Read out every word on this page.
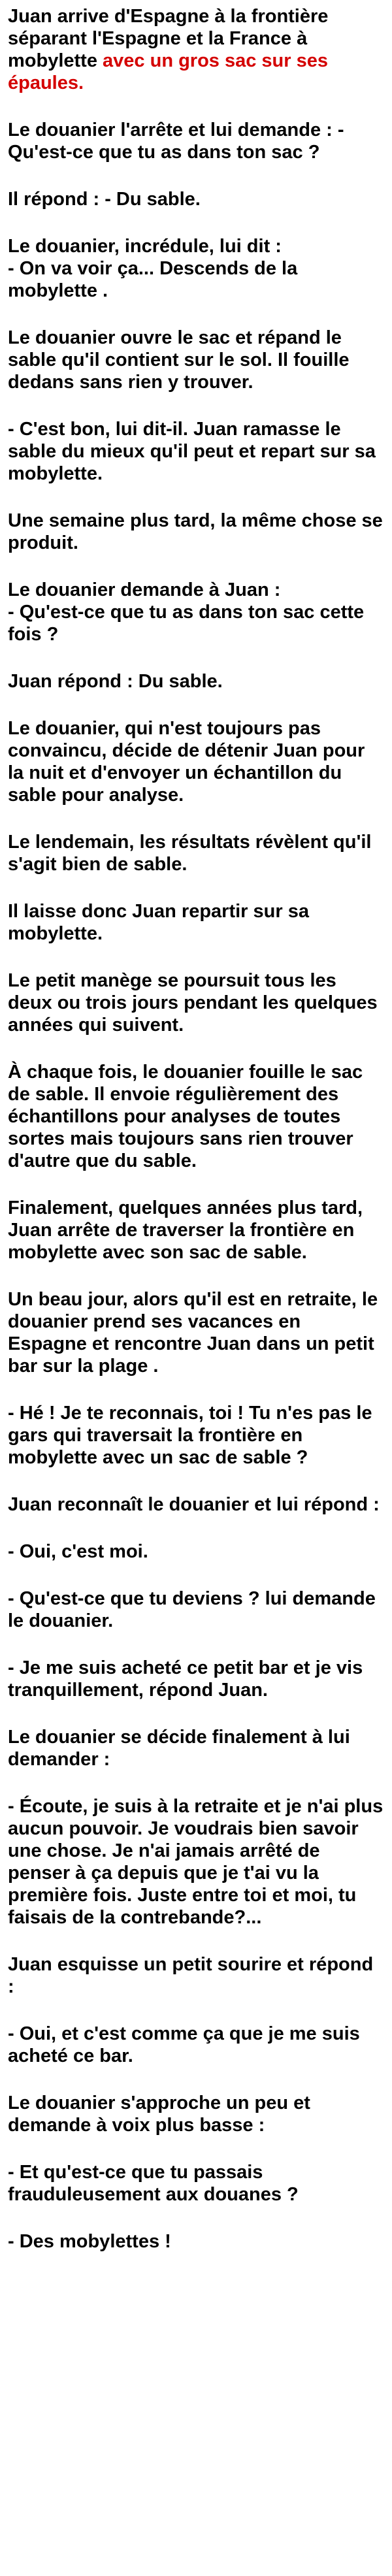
Juan arrive d'Espagne à la frontière séparant l'Espagne et la France à mobylette avec un gros sac sur ses épaules.

Le douanier l'arrête et lui demande : - Qu'est-ce que tu as dans ton sac ?

Il répond : - Du sable.

Le douanier, incrédule, lui dit :
- On va voir ça... Descends de la mobylette .

Le douanier ouvre le sac et répand le sable qu'il contient sur le sol. Il fouille dedans sans rien y trouver.

- C'est bon, lui dit-il. Juan ramasse le sable du mieux qu'il peut et repart sur sa mobylette.

Une semaine plus tard, la même chose se produit.

Le douanier demande à Juan :
- Qu'est-ce que tu as dans ton sac cette fois ?

Juan répond : Du sable.

Le douanier, qui n'est toujours pas convaincu, décide de détenir Juan pour la nuit et d'envoyer un échantillon du sable pour analyse.

Le lendemain, les résultats révèlent qu'il s'agit bien de sable.

Il laisse donc Juan repartir sur sa mobylette.

Le petit manège se poursuit tous les deux ou trois jours pendant les quelques années qui suivent.

À chaque fois, le douanier fouille le sac de sable. Il envoie régulièrement des échantillons pour analyses de toutes sortes mais toujours sans rien trouver d'autre que du sable.

Finalement, quelques années plus tard, Juan arrête de traverser la frontière en mobylette avec son sac de sable.

Un beau jour, alors qu'il est en retraite, le douanier prend ses vacances en Espagne et rencontre Juan dans un petit bar sur la plage .

- Hé ! Je te reconnais, toi ! Tu n'es pas le gars qui traversait la frontière en mobylette avec un sac de sable ?

Juan reconnaît le douanier et lui répond :

- Oui, c'est moi.

- Qu'est-ce que tu deviens ? lui demande le douanier.

- Je me suis acheté ce petit bar et je vis tranquillement, répond Juan.

Le douanier se décide finalement à lui demander :

- Écoute, je suis à la retraite et je n'ai plus aucun pouvoir. Je voudrais bien savoir une chose. Je n'ai jamais arrêté de penser à ça depuis que je t'ai vu la première fois. Juste entre toi et moi, tu faisais de la contrebande?...

Juan esquisse un petit sourire et répond :

- Oui, et c'est comme ça que je me suis acheté ce bar.

Le douanier s'approche un peu et demande à voix plus basse :

- Et qu'est-ce que tu passais frauduleusement aux douanes ?

- Des mobylettes !
